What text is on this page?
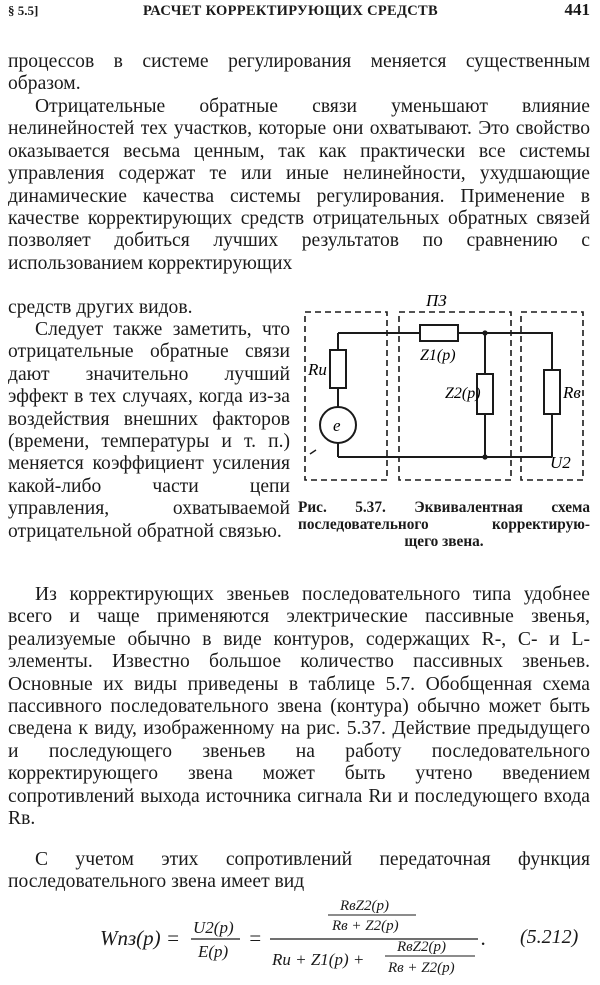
§ 5.5]	РАСЧЕТ КОРРЕКТИРУЮЩИХ СРЕДСТВ	441

процессов в системе регулирования меняется существенным образом.

Отрицательные обратные связи уменьшают влияние нелинейностей тех участков, которые они охватывают. Это свойство оказывается весьма ценным, так как практически все системы управления содержат те или иные нелинейности, ухудшающие динамические качества системы регулирования. Применение в качестве корректирующих средств отрицательных обратных связей позволяет добиться лучших результатов по сравнению с использованием корректирующих

средств других видов.

Следует также заметить, что отрицательные обратные связи дают значительно лучший эффект в тех случаях, когда из-за воздействия внешних факторов (времени, температуры и т. п.) меняется коэффициент усиления какой-либо части цепи управления, охватываемой отрицательной обратной связью.

ПЗ
Rи
e
Z1(p)
Z2(p)	Rв
U2
Рис. 5.37. Эквивалентная схема
последовательного корректирую-
щего звена.

Из корректирующих звеньев последовательного типа удобнее всего и чаще применяются электрические пассивные звенья, реализуемые обычно в виде контуров, содержащих R-, C- и L-элементы. Известно большое количество пассивных звеньев. Основные их виды приведены в таблице 5.7. Обобщенная схема пассивного последовательного звена (контура) обычно может быть сведена к виду, изображенному на рис. 5.37. Действие предыдущего и последующего звеньев на работу последовательного корректирующего звена может быть учтено введением сопротивлений выхода источника сигнала Rи и последующего входа Rв.

С учетом этих сопротивлений передаточная функция последовательного звена имеет вид

Wпз(p) = U2(p)
E(p)
=
RвZ2(p)
Rв + Z2(p)
Rи + Z1(p) +
RвZ2(p)
Rв + Z2(p)
. (5.212)
